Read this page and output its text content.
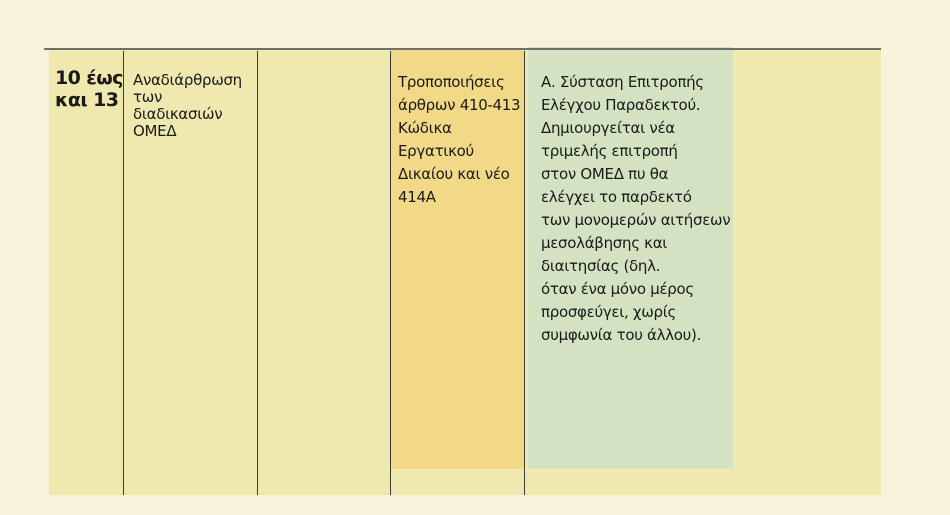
10 έως
και 13
Αναδιάρθρωση
των
διαδικασιών
ΟΜΕΔ
Τροποποιήσεις
άρθρων 410-413
Κώδικα
Εργατικού
Δικαίου και νέο
414Α
Α. Σύσταση Επιτροπής
Ελέγχου Παραδεκτού.
Δημιουργείται νέα
τριμελής επιτροπή
στον ΟΜΕΔ πυ θα
ελέγχει το παρδεκτό
των μονομερών αιτήσεων
μεσολάβησης και
διαιτησίας (δηλ.
όταν ένα μόνο μέρος
προσφεύγει, χωρίς
συμφωνία του άλλου).
